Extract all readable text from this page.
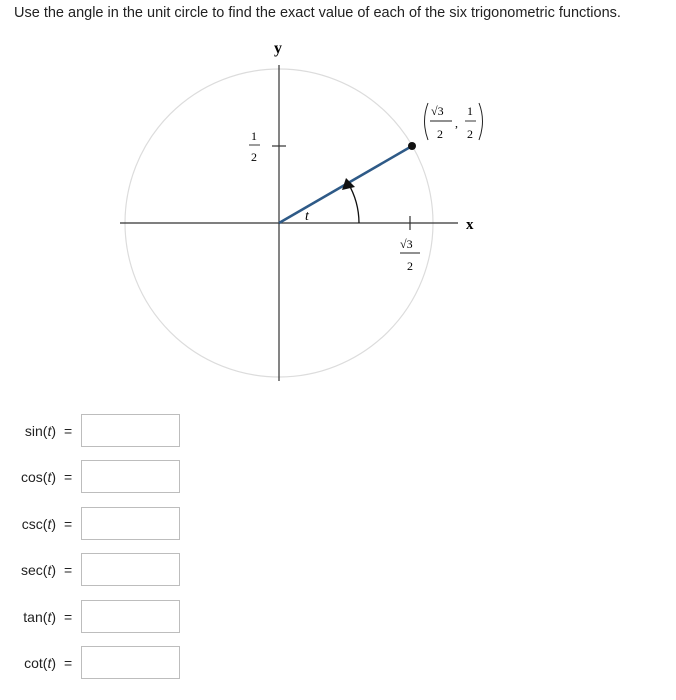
Use the angle in the unit circle to find the exact value of each of the six trigonometric functions.
t
y
x
1
2
√3
2
√3
2
,
1
2
sin(t) =
cos(t) =
csc(t) =
sec(t) =
tan(t) =
cot(t) =
